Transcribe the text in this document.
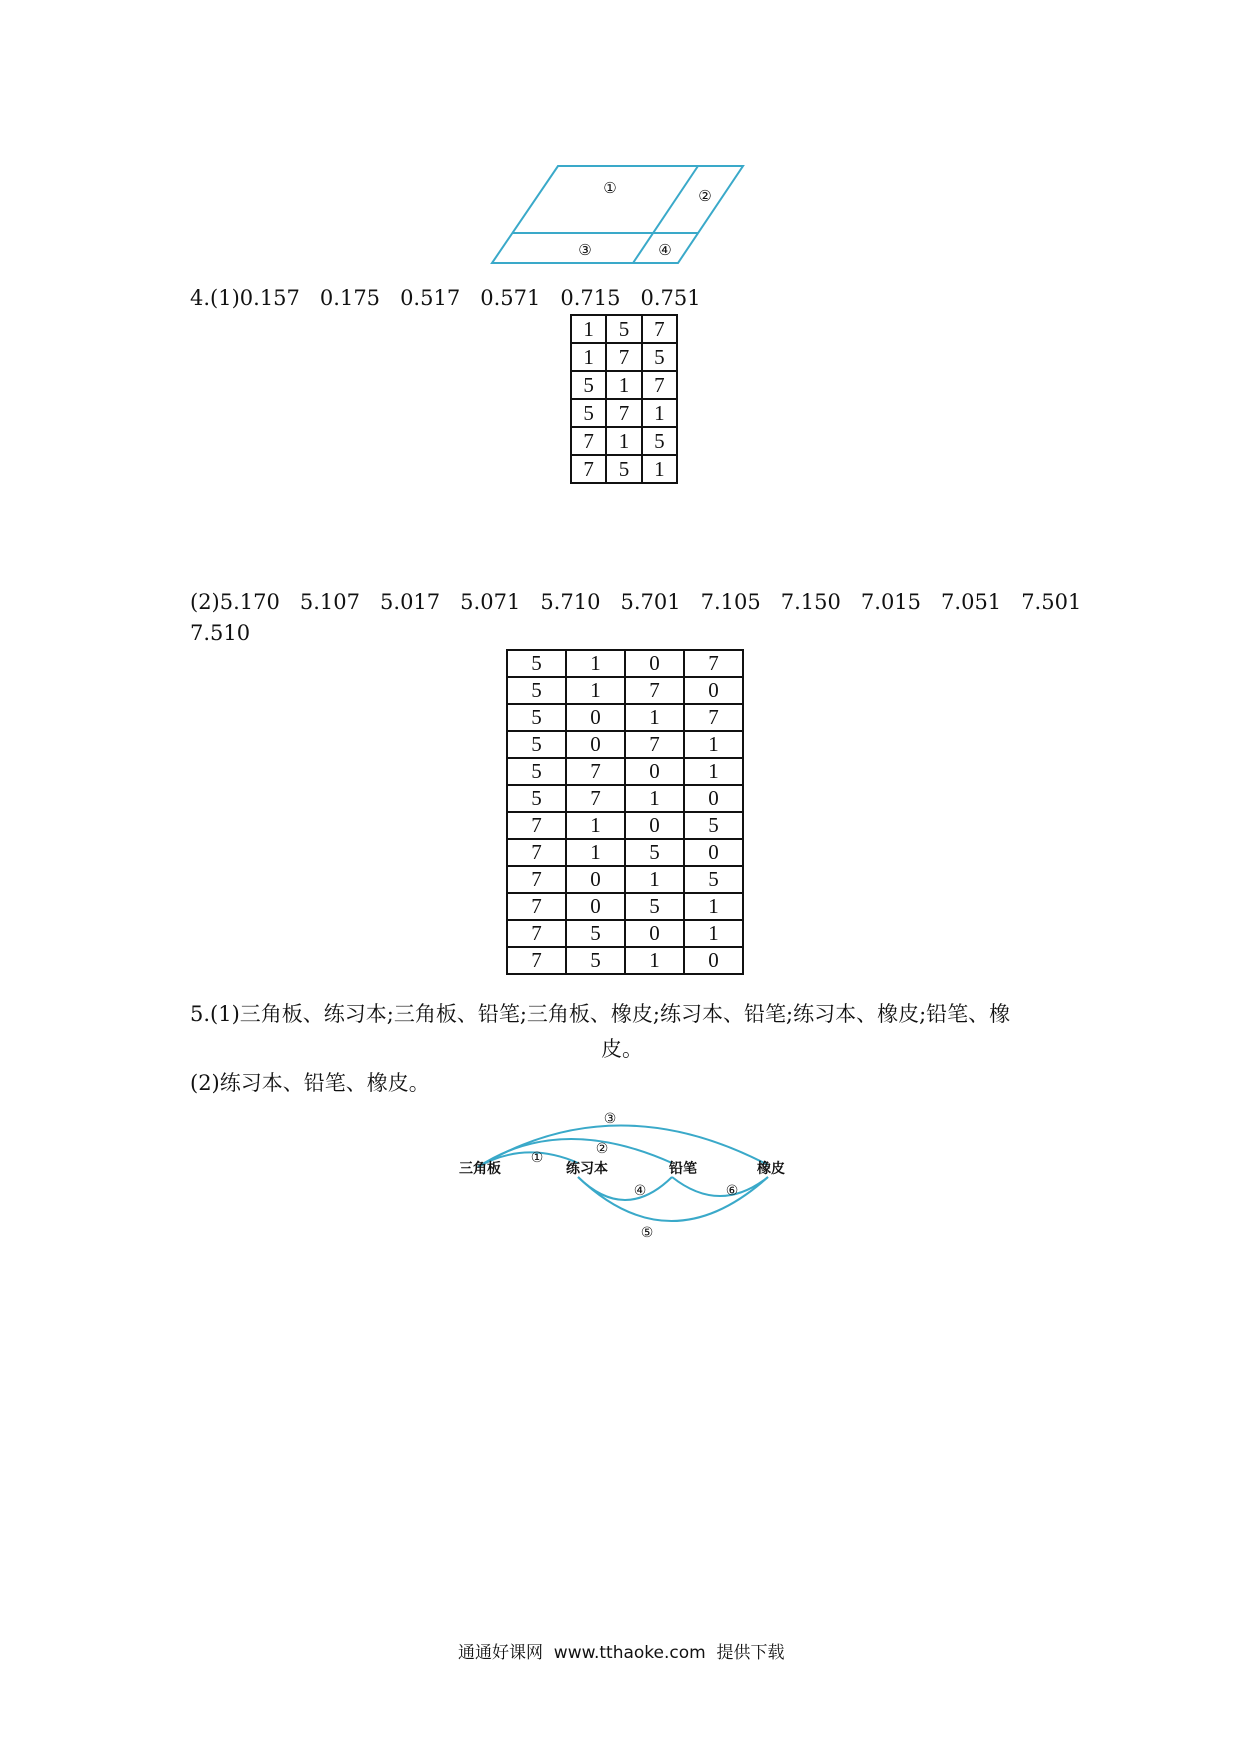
①	②
③	④
4.(1)0.157   0.175   0.517   0.571   0.715   0.751
1	5	7
1	7	5
5	1	7
5	7	1
7	1	5
7	5	1
(2)5.170   5.107   5.017   5.071   5.710   5.701   7.105   7.150   7.015   7.051   7.501
7.510
5	1	0	7
5	1	7	0
5	0	1	7
5	0	7	1
5	7	0	1
5	7	1	0
7	1	0	5
7	1	5	0
7	0	1	5
7	0	5	1
7	5	0	1
7	5	1	0
5.(1)三角板、练习本;三角板、铅笔;三角板、橡皮;练习本、铅笔;练习本、橡皮;铅笔、橡
皮。
(2)练习本、铅笔、橡皮。
三角板	练习本	铅笔	橡皮
①
②
③
④
⑤
⑥
通通好课网  www.tthaoke.com  提供下载
